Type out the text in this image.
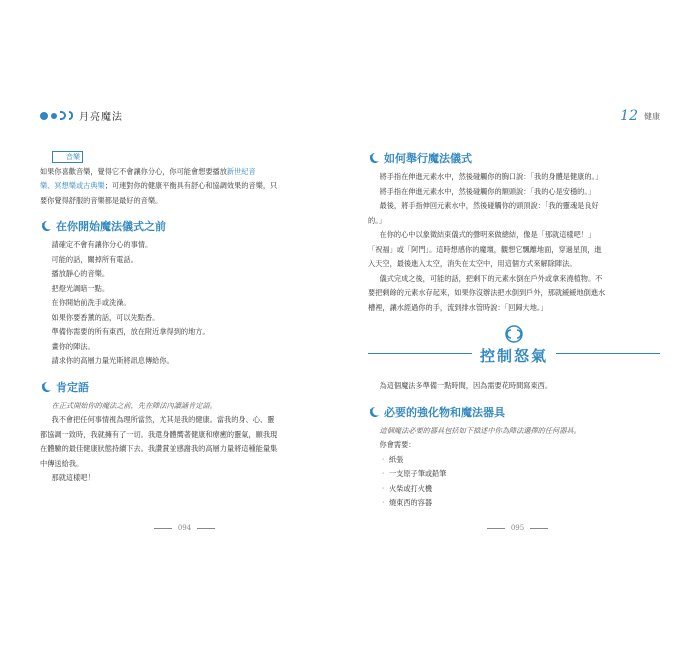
月亮魔法

音樂
如果你喜歡音樂，覺得它不會讓你分心，你可能會想要播放新世紀音
樂、冥想樂或古典樂；可連對你的健康平衡具有舒心和協調效果的音樂，只
要你覺得舒服的音樂都是最好的音樂。

在你開始魔法儀式之前

請確定不會有讓你分心的事情。

可能的話，關掉所有電話。

播放靜心的音樂。

把燈光調暗一點。

在你開始前洗手或洗澡。

如果你要香薰的話，可以先點香。

準備你需要的所有東西，放在附近拿得到的地方。

畫你的陣法。

請求你的高層力量光斯將訊息傳給你。

肯定語

在正式開始你的魔法之前，先在陣法內讀誦肯定語。

我不會把任何事情視為理所當然，尤其是我的健康。當我的身、心、靈
都協調一致時，我就擁有了一切。我還身體嚮著健康和療癒的靈氣，願我現
在體驗的最佳健康狀態持續下去。我讚賞並感謝我的高層力量將這種能量集
中傳送給我。

那就這樣吧！

094
12 健康
如何舉行魔法儀式

將手指在伸進元素水中，然後碰觸你的胸口說：「我的身體是健康的。」
將手指在伸進元素水中，然後碰觸你的額頭說：「我的心是安穩的。」
最後，將手指伸回元素水中，然後碰觸你的頭頂說：「我的靈魂是良好
的。」

在你的心中以象徵結束儀式的聲明來做總結，像是「那就這樣吧！」
「祝福」或「阿門」。這時想感你的魔壇，觀想它飄離地面，穿過星頂，進
入天空，最後進入太空，消失在太空中，用這個方式來解除陣法。

儀式完成之後，可能的話，把剩下的元素水倒在戶外或拿來澆植物。不
要把剩餘的元素水存起來，如果你沒辦法把水倒到戶外，那就緩緩地倒進水
槽裡，讓水經過你的手，流到排水管時說：「回歸大地。」

控制怒氣

為這個魔法多準備一點時間，因為需要花時間寫東西。

必要的強化物和魔法器具

這個魔法必要的器具包括如下描述中你為陣法選擇的任何器具。

你會需要：

‧ 紙張

‧ 一支原子筆或鉛筆

‧ 火柴或打火機

‧ 燒東西的容器

095
